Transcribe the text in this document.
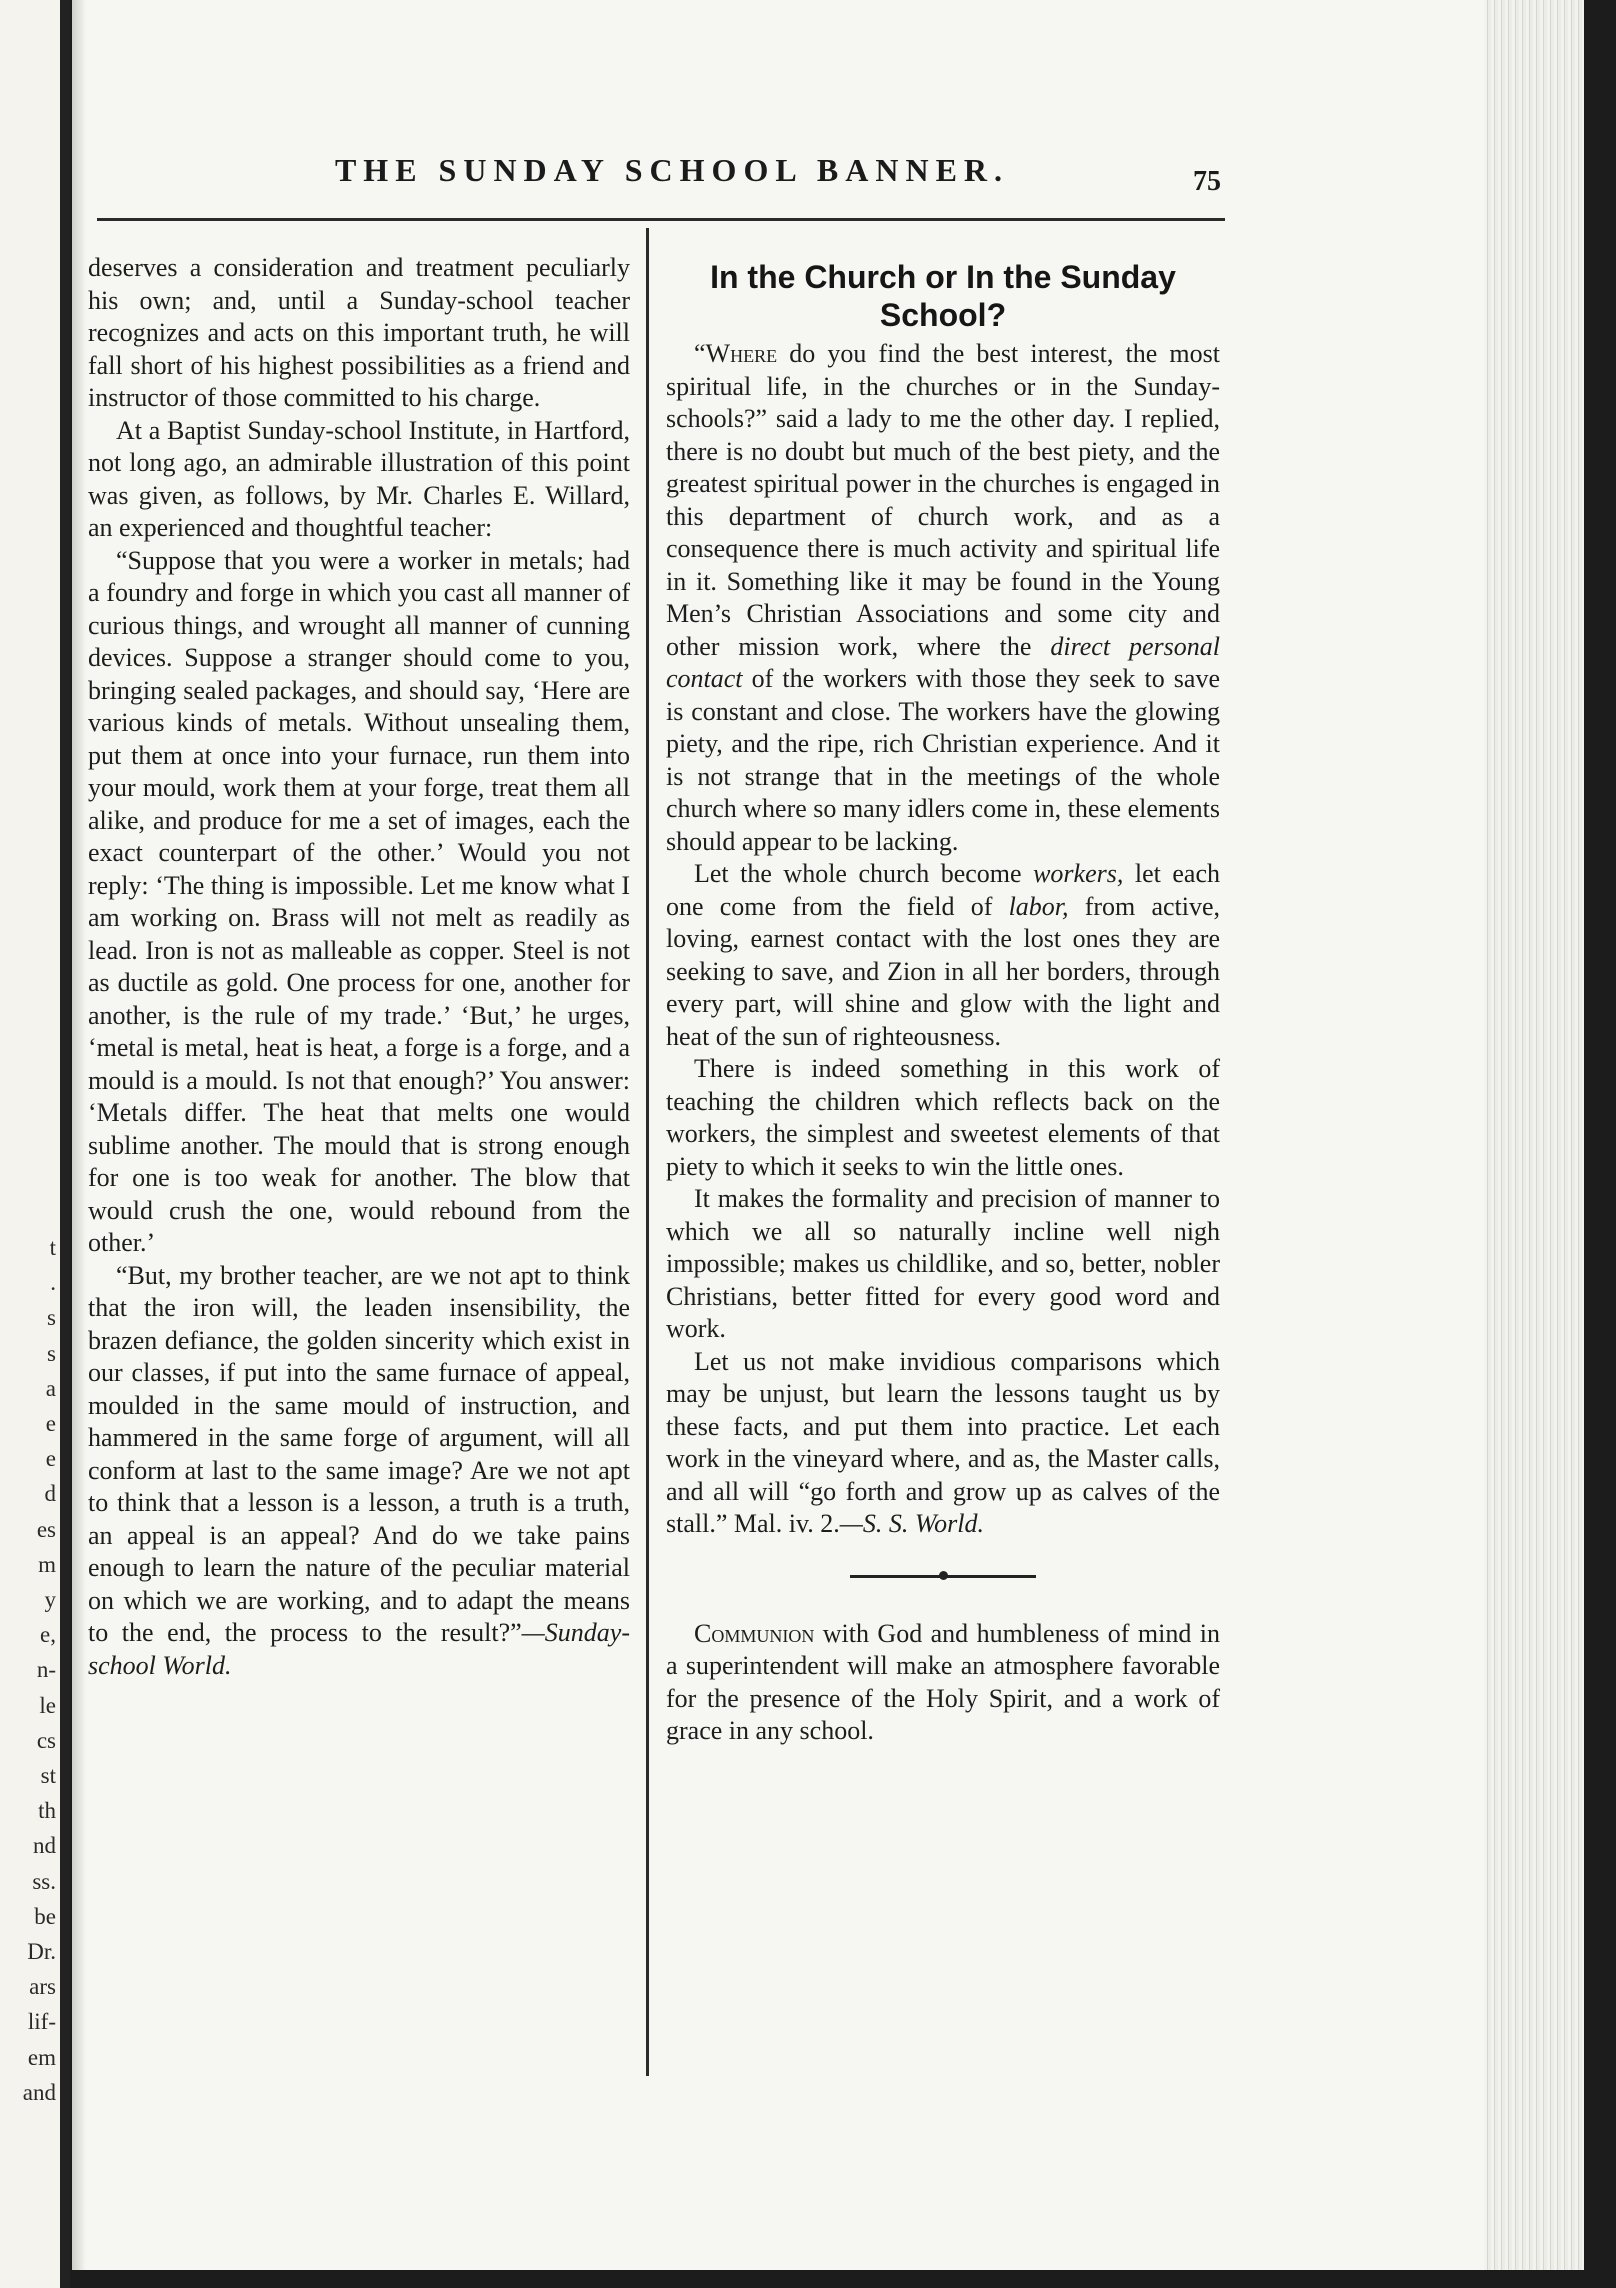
t
.
s
s
a
e
e
d
es
m
y
e,
n-
le
cs
st
th
nd
ss.
be
Dr.
ars
lif-
em
and
THE SUNDAY SCHOOL BANNER.	75

deserves a consideration and treatment peculiarly his own; and, until a Sunday-school teacher recognizes and acts on this important truth, he will fall short of his highest possibilities as a friend and instructor of those committed to his charge.

At a Baptist Sunday-school Institute, in Hartford, not long ago, an admirable illustration of this point was given, as follows, by Mr. Charles E. Willard, an experienced and thoughtful teacher:

“Suppose that you were a worker in metals; had a foundry and forge in which you cast all manner of curious things, and wrought all manner of cunning devices. Suppose a stranger should come to you, bringing sealed packages, and should say, ‘Here are various kinds of metals. Without unsealing them, put them at once into your furnace, run them into your mould, work them at your forge, treat them all alike, and produce for me a set of images, each the exact counterpart of the other.’ Would you not reply: ‘The thing is impossible. Let me know what I am working on. Brass will not melt as readily as lead. Iron is not as malleable as copper. Steel is not as ductile as gold. One process for one, another for another, is the rule of my trade.’ ‘But,’ he urges, ‘metal is metal, heat is heat, a forge is a forge, and a mould is a mould. Is not that enough?’ You answer: ‘Metals differ. The heat that melts one would sublime another. The mould that is strong enough for one is too weak for another. The blow that would crush the one, would rebound from the other.’

“But, my brother teacher, are we not apt to think that the iron will, the leaden insensibility, the brazen defiance, the golden sincerity which exist in our classes, if put into the same furnace of appeal, moulded in the same mould of instruction, and hammered in the same forge of argument, will all conform at last to the same image? Are we not apt to think that a lesson is a lesson, a truth is a truth, an appeal is an appeal? And do we take pains enough to learn the nature of the peculiar material on which we are working, and to adapt the means to the end, the process to the result?”—Sunday-school World.

In the Church or In the Sunday School?

“Where do you find the best interest, the most spiritual life, in the churches or in the Sunday-schools?” said a lady to me the other day. I replied, there is no doubt but much of the best piety, and the greatest spiritual power in the churches is engaged in this department of church work, and as a consequence there is much activity and spiritual life in it. Something like it may be found in the Young Men’s Christian Associations and some city and other mission work, where the direct personal contact of the workers with those they seek to save is constant and close. The workers have the glowing piety, and the ripe, rich Christian experience. And it is not strange that in the meetings of the whole church where so many idlers come in, these elements should appear to be lacking.

Let the whole church become workers, let each one come from the field of labor, from active, loving, earnest contact with the lost ones they are seeking to save, and Zion in all her borders, through every part, will shine and glow with the light and heat of the sun of righteousness.

There is indeed something in this work of teaching the children which reflects back on the workers, the simplest and sweetest elements of that piety to which it seeks to win the little ones.

It makes the formality and precision of manner to which we all so naturally incline well nigh impossible; makes us childlike, and so, better, nobler Christians, better fitted for every good word and work.

Let us not make invidious comparisons which may be unjust, but learn the lessons taught us by these facts, and put them into practice. Let each work in the vineyard where, and as, the Master calls, and all will “go forth and grow up as calves of the stall.” Mal. iv. 2.—S. S. World.

Communion with God and humbleness of mind in a superintendent will make an atmosphere favorable for the presence of the Holy Spirit, and a work of grace in any school.
